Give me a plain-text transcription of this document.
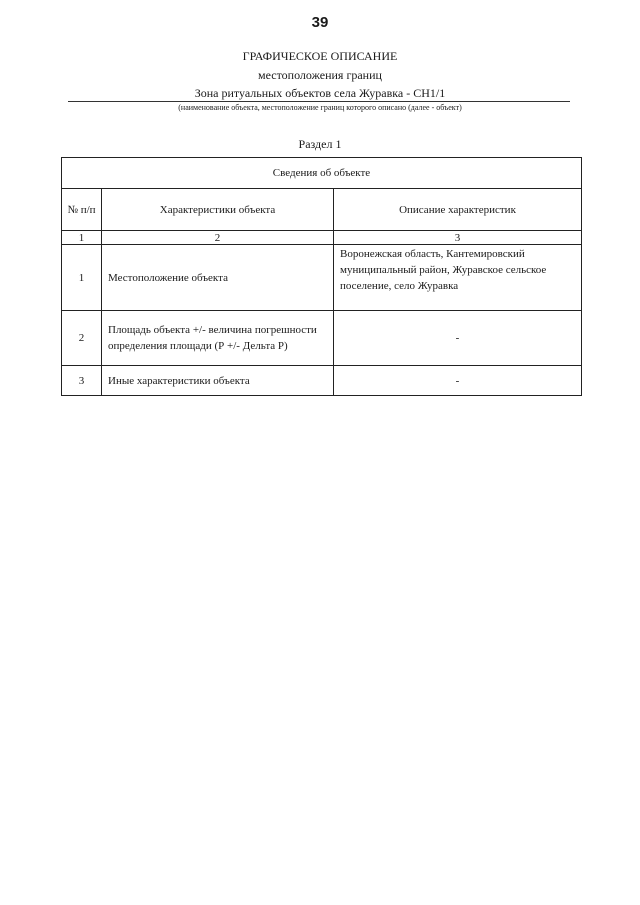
39
ГРАФИЧЕСКОЕ ОПИСАНИЕ
местоположения границ
Зона ритуальных объектов села Журавка - СН1/1
(наименование объекта, местоположение границ которого описано (далее - объект)
Раздел 1
Сведения об объекте		
№ п/п	Характеристики объекта	Описание характеристик
1	2	3
1	Местоположение объекта	Воронежская область, Кантемировский муниципальный район, Журавское сельское поселение, село Журавка
2	Площадь объекта +/- величина погрешности определения площади (Р +/- Дельта Р)	-
3	Иные характеристики объекта	-
